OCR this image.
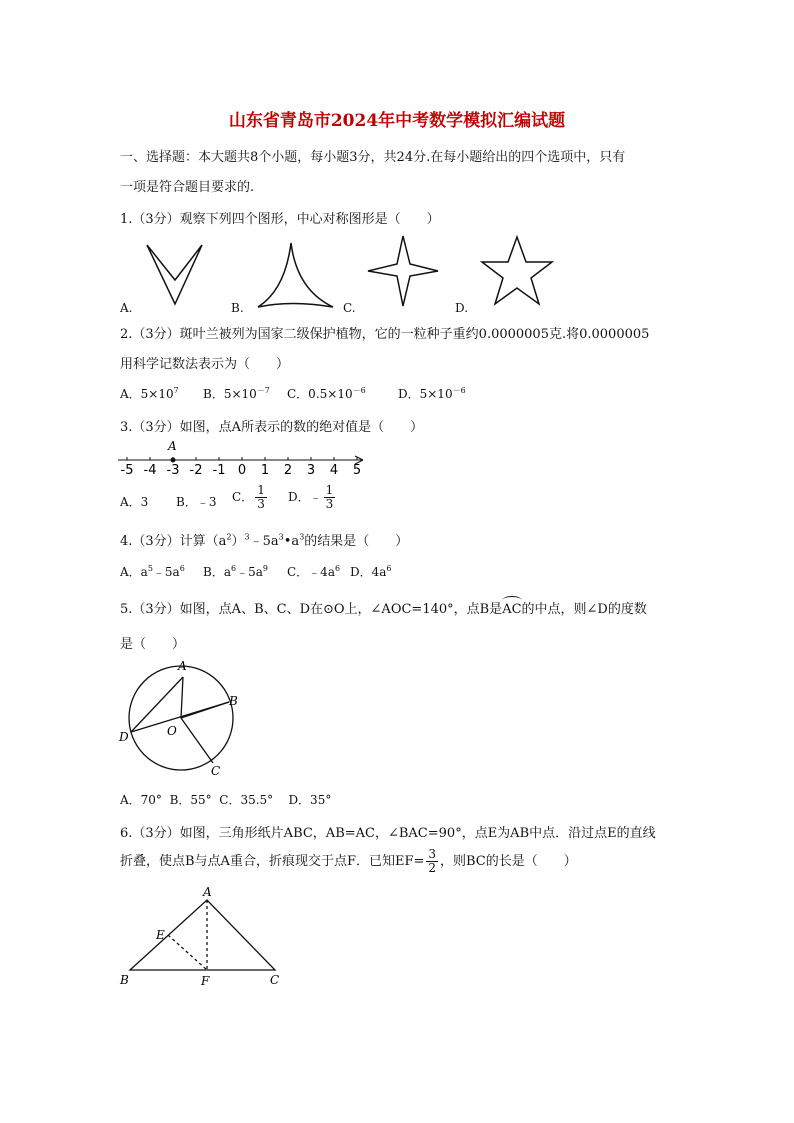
山东省青岛市2024年中考数学模拟汇编试题
一、选择题：本大题共8个小题，每小题3分，共24分.在每小题给出的四个选项中，只有
一项是符合题目要求的.
1.（3分）观察下列四个图形，中心对称图形是（　　）
A.	B.	C.	D.
2.（3分）斑叶兰被列为国家二级保护植物，它的一粒种子重约0.0000005克.将0.0000005
用科学记数法表示为（　　）
A．$5\times 10^7$ B．$5\times 10^{-7}$ C．$0.5\times 10^{-6}$	D．$5\times 10^{-6}$
3.（3分）如图，点A所表示的数的绝对值是（　　）
-5 -4 -3 -2 -1 0 1 2 3 4 5
A
A．3 B．﹣3 C． $\frac{1}{3}$ D．﹣ $\frac{1}{3}$
4.（3分）计算$(a^2)^3﹣5a^3•a^3$的结果是（　　）
A．$a^5﹣5a^6$ B．$a^6﹣5a^9$ C．$﹣4a^6$ D．$4a^6$
5.（3分）如图，点A、B、C、D在⊙O上，∠AOC=140°，点B是
AC的中点，则∠D的度数
是（　　）
A
B
C
D	O
A．70°  B．55°  C．35.5°    D．35°
6.（3分）如图，三角形纸片ABC，AB=AC，∠BAC=90°，点E为AB中点．沿过点E的直线
折叠，使点B与点A重合，折痕现交于点F．已知$EF= \frac{3}{2}$ ，则BC的长是（　　）
A
E
B	F	C
